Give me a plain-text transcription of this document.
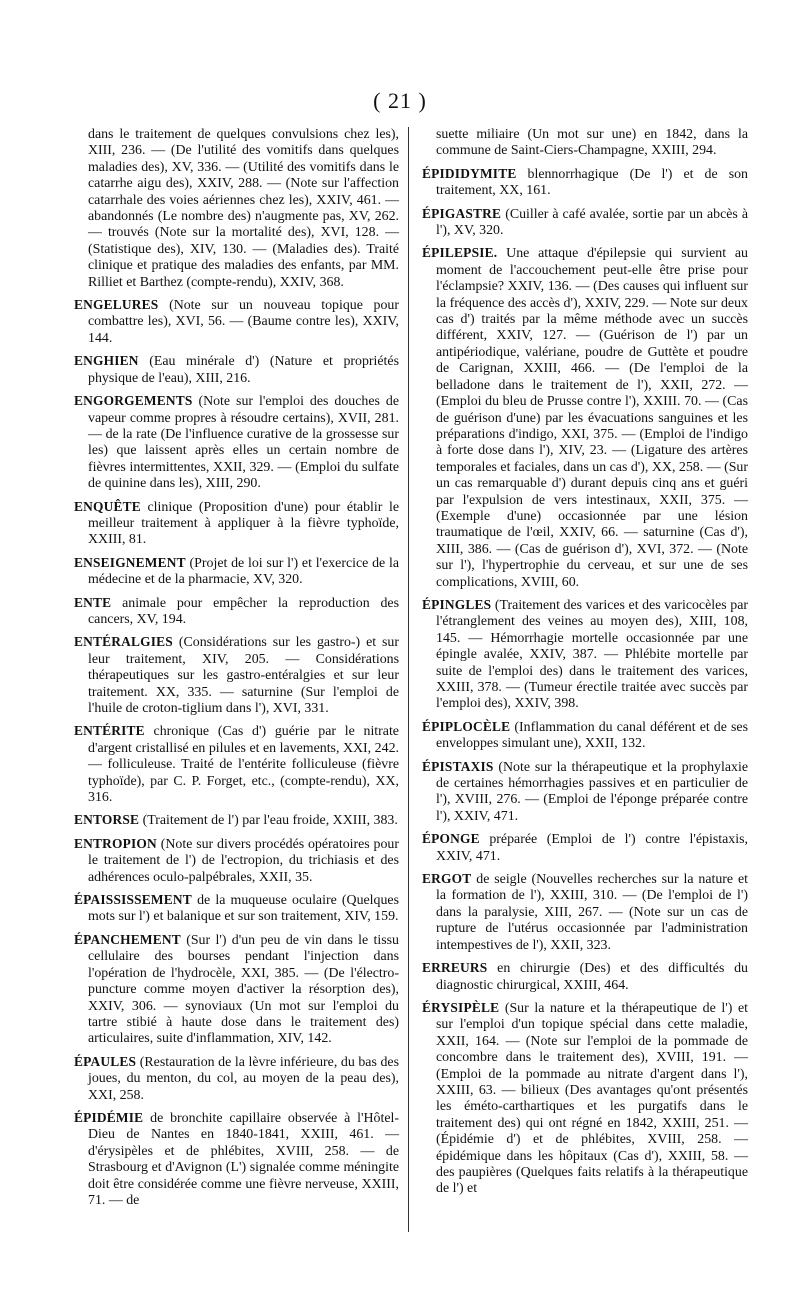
( 21 )

dans le traitement de quelques convulsions chez les), XIII, 236. — (De l'utilité des vomitifs dans quelques maladies des), XV, 336. — (Utilité des vomitifs dans le catarrhe aigu des), XXIV, 288. — (Note sur l'affection catarrhale des voies aériennes chez les), XXIV, 461. — abandonnés (Le nombre des) n'augmente pas, XV, 262. — trouvés (Note sur la mortalité des), XVI, 128. — (Statistique des), XIV, 130. — (Maladies des). Traité clinique et pratique des maladies des enfants, par MM. Rilliet et Barthez (compte-rendu), XXIV, 368.

ENGELURES (Note sur un nouveau topique pour combattre les), XVI, 56. — (Baume contre les), XXIV, 144.

ENGHIEN (Eau minérale d') (Nature et propriétés physique de l'eau), XIII, 216.

ENGORGEMENTS (Note sur l'emploi des douches de vapeur comme propres à résoudre certains), XVII, 281. — de la rate (De l'influence curative de la grossesse sur les) que laissent après elles un certain nombre de fièvres intermittentes, XXII, 329. — (Emploi du sulfate de quinine dans les), XIII, 290.

ENQUÊTE clinique (Proposition d'une) pour établir le meilleur traitement à appliquer à la fièvre typhoïde, XXIII, 81.

ENSEIGNEMENT (Projet de loi sur l') et l'exercice de la médecine et de la pharmacie, XV, 320.

ENTE animale pour empêcher la reproduction des cancers, XV, 194.

ENTÉRALGIES (Considérations sur les gastro-) et sur leur traitement, XIV, 205. — Considérations thérapeutiques sur les gastro-entéralgies et sur leur traitement. XX, 335. — saturnine (Sur l'emploi de l'huile de croton-tiglium dans l'), XVI, 331.

ENTÉRITE chronique (Cas d') guérie par le nitrate d'argent cristallisé en pilules et en lavements, XXI, 242. — folliculeuse. Traité de l'entérite folliculeuse (fièvre typhoïde), par C. P. Forget, etc., (compte-rendu), XX, 316.

ENTORSE (Traitement de l') par l'eau froide, XXIII, 383.

ENTROPION (Note sur divers procédés opératoires pour le traitement de l') de l'ectropion, du trichiasis et des adhérences oculo-palpébrales, XXII, 35.

ÉPAISSISSEMENT de la muqueuse oculaire (Quelques mots sur l') et balanique et sur son traitement, XIV, 159.

ÉPANCHEMENT (Sur l') d'un peu de vin dans le tissu cellulaire des bourses pendant l'injection dans l'opération de l'hydrocèle, XXI, 385. — (De l'électro-puncture comme moyen d'activer la résorption des), XXIV, 306. — synoviaux (Un mot sur l'emploi du tartre stibié à haute dose dans le traitement des) articulaires, suite d'inflammation, XIV, 142.

ÉPAULES (Restauration de la lèvre inférieure, du bas des joues, du menton, du col, au moyen de la peau des), XXI, 258.

ÉPIDÉMIE de bronchite capillaire observée à l'Hôtel-Dieu de Nantes en 1840-1841, XXIII, 461. — d'érysipèles et de phlébites, XVIII, 258. — de Strasbourg et d'Avignon (L') signalée comme méningite doit être considérée comme une fièvre nerveuse, XXIII, 71. — de

suette miliaire (Un mot sur une) en 1842, dans la commune de Saint-Ciers-Champagne, XXIII, 294.

ÉPIDIDYMITE blennorrhagique (De l') et de son traitement, XX, 161.

ÉPIGASTRE (Cuiller à café avalée, sortie par un abcès à l'), XV, 320.

ÉPILEPSIE. Une attaque d'épilepsie qui survient au moment de l'accouchement peut-elle être prise pour l'éclampsie? XXIV, 136. — (Des causes qui influent sur la fréquence des accès d'), XXIV, 229. — Note sur deux cas d') traités par la même méthode avec un succès différent, XXIV, 127. — (Guérison de l') par un antipériodique, valériane, poudre de Guttète et poudre de Carignan, XXIII, 466. — (De l'emploi de la belladone dans le traitement de l'), XXII, 272. — (Emploi du bleu de Prusse contre l'), XXIII. 70. — (Cas de guérison d'une) par les évacuations sanguines et les préparations d'indigo, XXI, 375. — (Emploi de l'indigo à forte dose dans l'), XIV, 23. — (Ligature des artères temporales et faciales, dans un cas d'), XX, 258. — (Sur un cas remarquable d') durant depuis cinq ans et guéri par l'expulsion de vers intestinaux, XXII, 375. — (Exemple d'une) occasionnée par une lésion traumatique de l'œil, XXIV, 66. — saturnine (Cas d'), XIII, 386. — (Cas de guérison d'), XVI, 372. — (Note sur l'), l'hypertrophie du cerveau, et sur une de ses complications, XVIII, 60.

ÉPINGLES (Traitement des varices et des varicocèles par l'étranglement des veines au moyen des), XIII, 108, 145. — Hémorrhagie mortelle occasionnée par une épingle avalée, XXIV, 387. — Phlébite mortelle par suite de l'emploi des) dans le traitement des varices, XXIII, 378. — (Tumeur érectile traitée avec succès par l'emploi des), XXIV, 398.

ÉPIPLOCÈLE (Inflammation du canal déférent et de ses enveloppes simulant une), XXII, 132.

ÉPISTAXIS (Note sur la thérapeutique et la prophylaxie de certaines hémorrhagies passives et en particulier de l'), XVIII, 276. — (Emploi de l'éponge préparée contre l'), XXIV, 471.

ÉPONGE préparée (Emploi de l') contre l'épistaxis, XXIV, 471.

ERGOT de seigle (Nouvelles recherches sur la nature et la formation de l'), XXIII, 310. — (De l'emploi de l') dans la paralysie, XIII, 267. — (Note sur un cas de rupture de l'utérus occasionnée par l'administration intempestives de l'), XXII, 323.

ERREURS en chirurgie (Des) et des difficultés du diagnostic chirurgical, XXIII, 464.

ÉRYSIPÈLE (Sur la nature et la thérapeutique de l') et sur l'emploi d'un topique spécial dans cette maladie, XXII, 164. — (Note sur l'emploi de la pommade de concombre dans le traitement des), XVIII, 191. — (Emploi de la pommade au nitrate d'argent dans l'), XXIII, 63. — bilieux (Des avantages qu'ont présentés les éméto-carthartiques et les purgatifs dans le traitement des) qui ont régné en 1842, XXIII, 251. — (Épidémie d') et de phlébites, XVIII, 258. — épidémique dans les hôpitaux (Cas d'), XXIII, 58. — des paupières (Quelques faits relatifs à la thérapeutique de l') et
